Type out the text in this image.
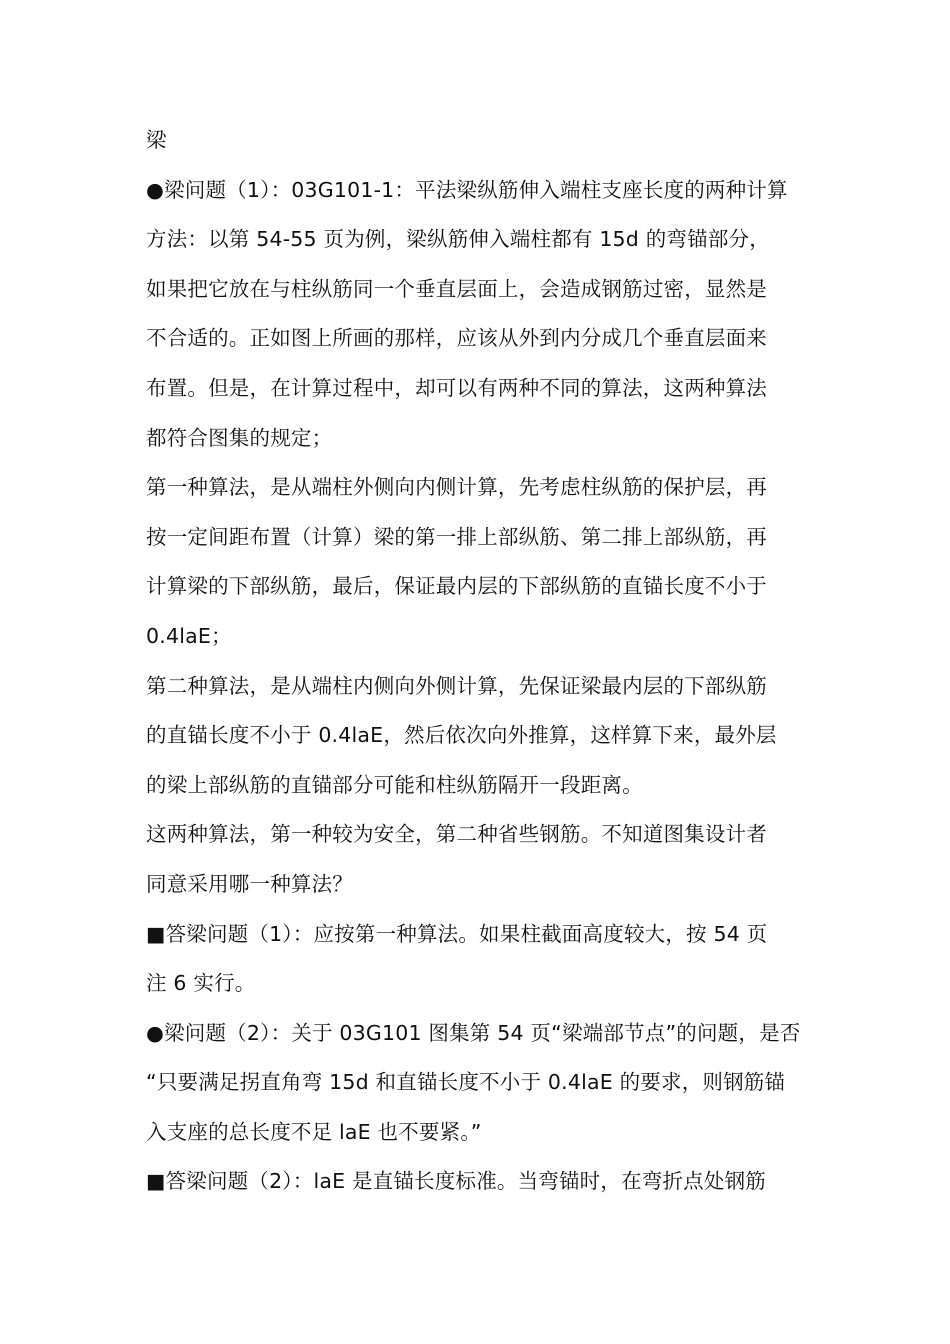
梁

●梁问题（1）：03G101-1：平法梁纵筋伸入端柱支座长度的两种计算
方法：以第 54-55 页为例，梁纵筋伸入端柱都有 15d 的弯锚部分，
如果把它放在与柱纵筋同一个垂直层面上，会造成钢筋过密，显然是
不合适的。正如图上所画的那样，应该从外到内分成几个垂直层面来
布置。但是，在计算过程中，却可以有两种不同的算法，这两种算法
都符合图集的规定；

第一种算法，是从端柱外侧向内侧计算，先考虑柱纵筋的保护层，再
按一定间距布置（计算）梁的第一排上部纵筋、第二排上部纵筋，再
计算梁的下部纵筋，最后，保证最内层的下部纵筋的直锚长度不小于
0.4laE；

第二种算法，是从端柱内侧向外侧计算，先保证梁最内层的下部纵筋
的直锚长度不小于 0.4laE，然后依次向外推算，这样算下来，最外层
的梁上部纵筋的直锚部分可能和柱纵筋隔开一段距离。

这两种算法，第一种较为安全，第二种省些钢筋。不知道图集设计者
同意采用哪一种算法？

■答梁问题（1）：应按第一种算法。如果柱截面高度较大，按 54 页
注 6 实行。

●梁问题（2）：关于 03G101 图集第 54 页“梁端部节点”的问题，是否
“只要满足拐直角弯 15d 和直锚长度不小于 0.4laE 的要求，则钢筋锚
入支座的总长度不足 laE 也不要紧。”

■答梁问题（2）：laE 是直锚长度标准。当弯锚时，在弯折点处钢筋
